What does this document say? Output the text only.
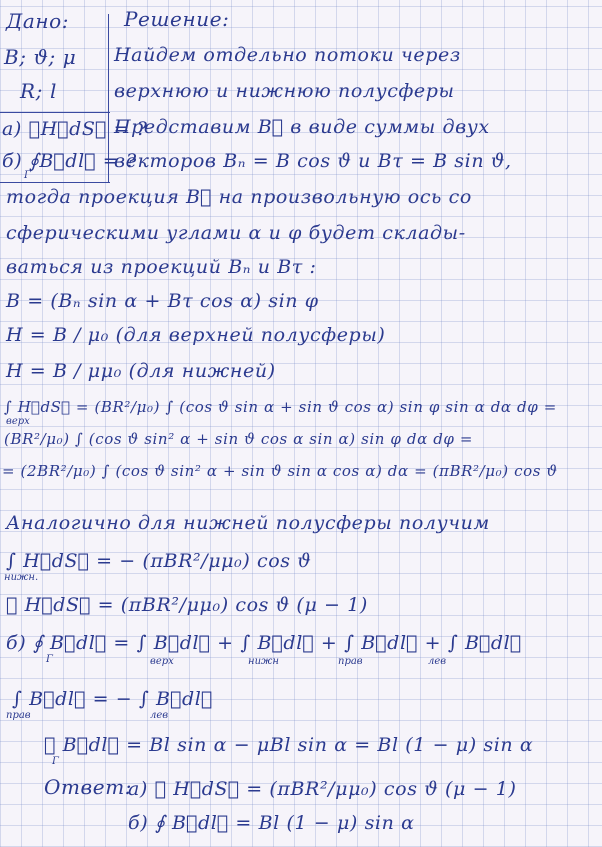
Дано:
B; ϑ; μ
R; l
a) ∮H⃗dS⃗ = ?
б) ∮B⃗dl⃗ = ?
Γ
Решение:
Найдем отдельно потоки через
верхнюю и нижнюю полусферы
Представим B⃗ в виде суммы двух
векторов Bₙ = B cos ϑ и Bτ = B sin ϑ,
тогда проекция B⃗ на произвольную ось со
сферическими углами α и φ будет склады-
ваться из проекций Bₙ и Bτ :
B = (Bₙ sin α + Bτ cos α) sin φ
H = B / μ₀ (для верхней полусферы)
H = B / μμ₀ (для нижней)
∫ H⃗dS⃗ = (BR²/μ₀) ∫ (cos ϑ sin α + sin ϑ cos α) sin φ sin α dα dφ =
верх
(BR²/μ₀) ∫ (cos ϑ sin² α + sin ϑ cos α sin α) sin φ dα dφ =
= (2BR²/μ₀) ∫ (cos ϑ sin² α + sin ϑ sin α cos α) dα = (πBR²/μ₀) cos ϑ
Аналогично для нижней полусферы получим
∫ H⃗dS⃗ = − (πBR²/μμ₀) cos ϑ
нижн.
∮ H⃗dS⃗ = (πBR²/μμ₀) cos ϑ (μ − 1)
б) ∮ B⃗dl⃗ = ∫ B⃗dl⃗ + ∫ B⃗dl⃗ + ∫ B⃗dl⃗ + ∫ B⃗dl⃗
Γ	верх	нижн	прав	лев
∫ B⃗dl⃗ = − ∫ B⃗dl⃗
прав	лев
∮ B⃗dl⃗ = Bl sin α − μBl sin α = Bl (1 − μ) sin α
Γ
Ответ:
a) ∮ H⃗dS⃗ = (πBR²/μμ₀) cos ϑ (μ − 1)
б) ∮ B⃗dl⃗ = Bl (1 − μ) sin α
